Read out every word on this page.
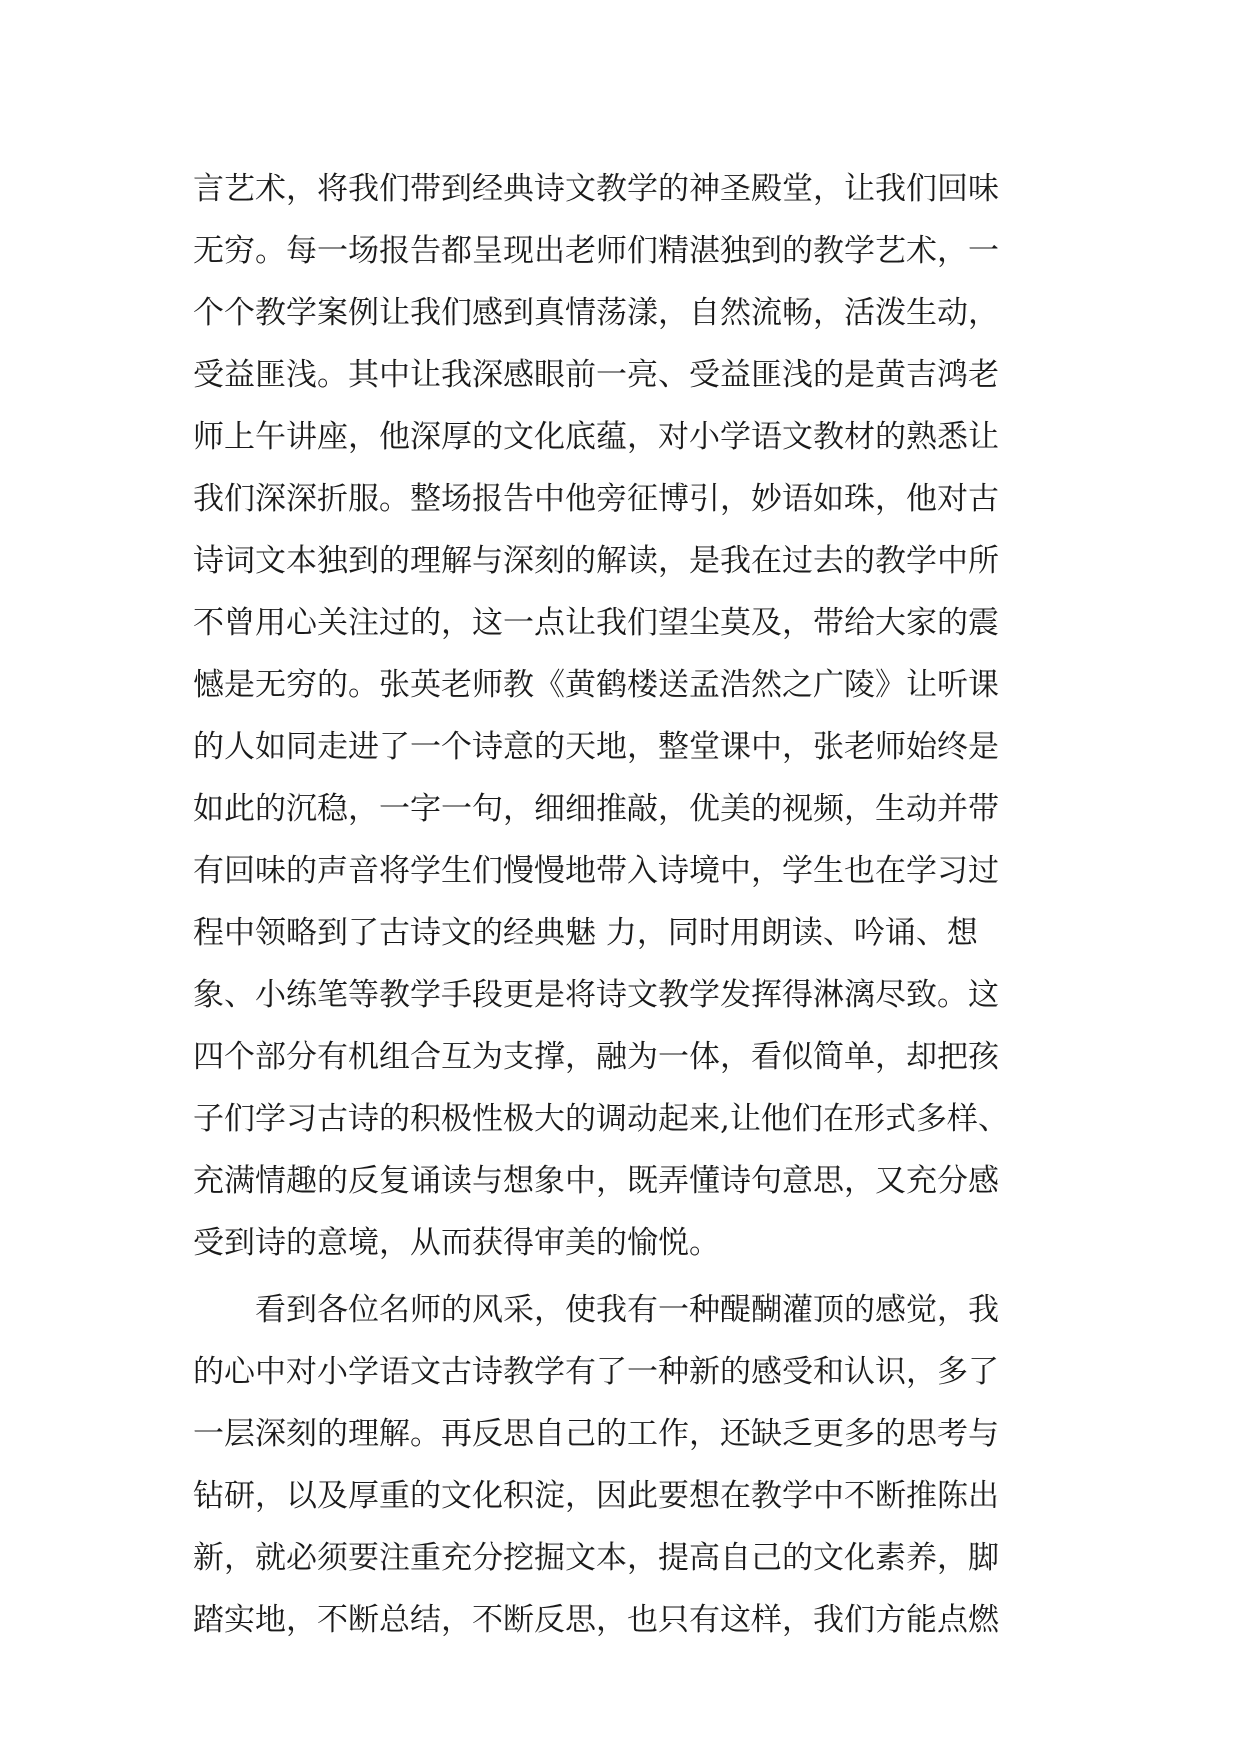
言艺术，将我们带到经典诗文教学的神圣殿堂，让我们回味
无穷。每一场报告都呈现出老师们精湛独到的教学艺术，一
个个教学案例让我们感到真情荡漾，自然流畅，活泼生动，
受益匪浅。其中让我深感眼前一亮、受益匪浅的是黄吉鸿老
师上午讲座，他深厚的文化底蕴，对小学语文教材的熟悉让
我们深深折服。整场报告中他旁征博引，妙语如珠，他对古
诗词文本独到的理解与深刻的解读，是我在过去的教学中所
不曾用心关注过的，这一点让我们望尘莫及，带给大家的震
憾是无穷的。张英老师教《黄鹤楼送孟浩然之广陵》让听课
的人如同走进了一个诗意的天地，整堂课中，张老师始终是
如此的沉稳，一字一句，细细推敲，优美的视频，生动并带
有回味的声音将学生们慢慢地带入诗境中，学生也在学习过
程中领略到了古诗文的经典魅 力，同时用朗读、吟诵、想
象、小练笔等教学手段更是将诗文教学发挥得淋漓尽致。这
四个部分有机组合互为支撑，融为一体，看似简单，却把孩
子们学习古诗的积极性极大的调动起来,让他们在形式多样、
充满情趣的反复诵读与想象中，既弄懂诗句意思，又充分感
受到诗的意境，从而获得审美的愉悦。
　　看到各位名师的风采，使我有一种醍醐灌顶的感觉，我
的心中对小学语文古诗教学有了一种新的感受和认识，多了
一层深刻的理解。再反思自己的工作，还缺乏更多的思考与
钻研，以及厚重的文化积淀，因此要想在教学中不断推陈出
新，就必须要注重充分挖掘文本，提高自己的文化素养，脚
踏实地，不断总结，不断反思，也只有这样，我们方能点燃
